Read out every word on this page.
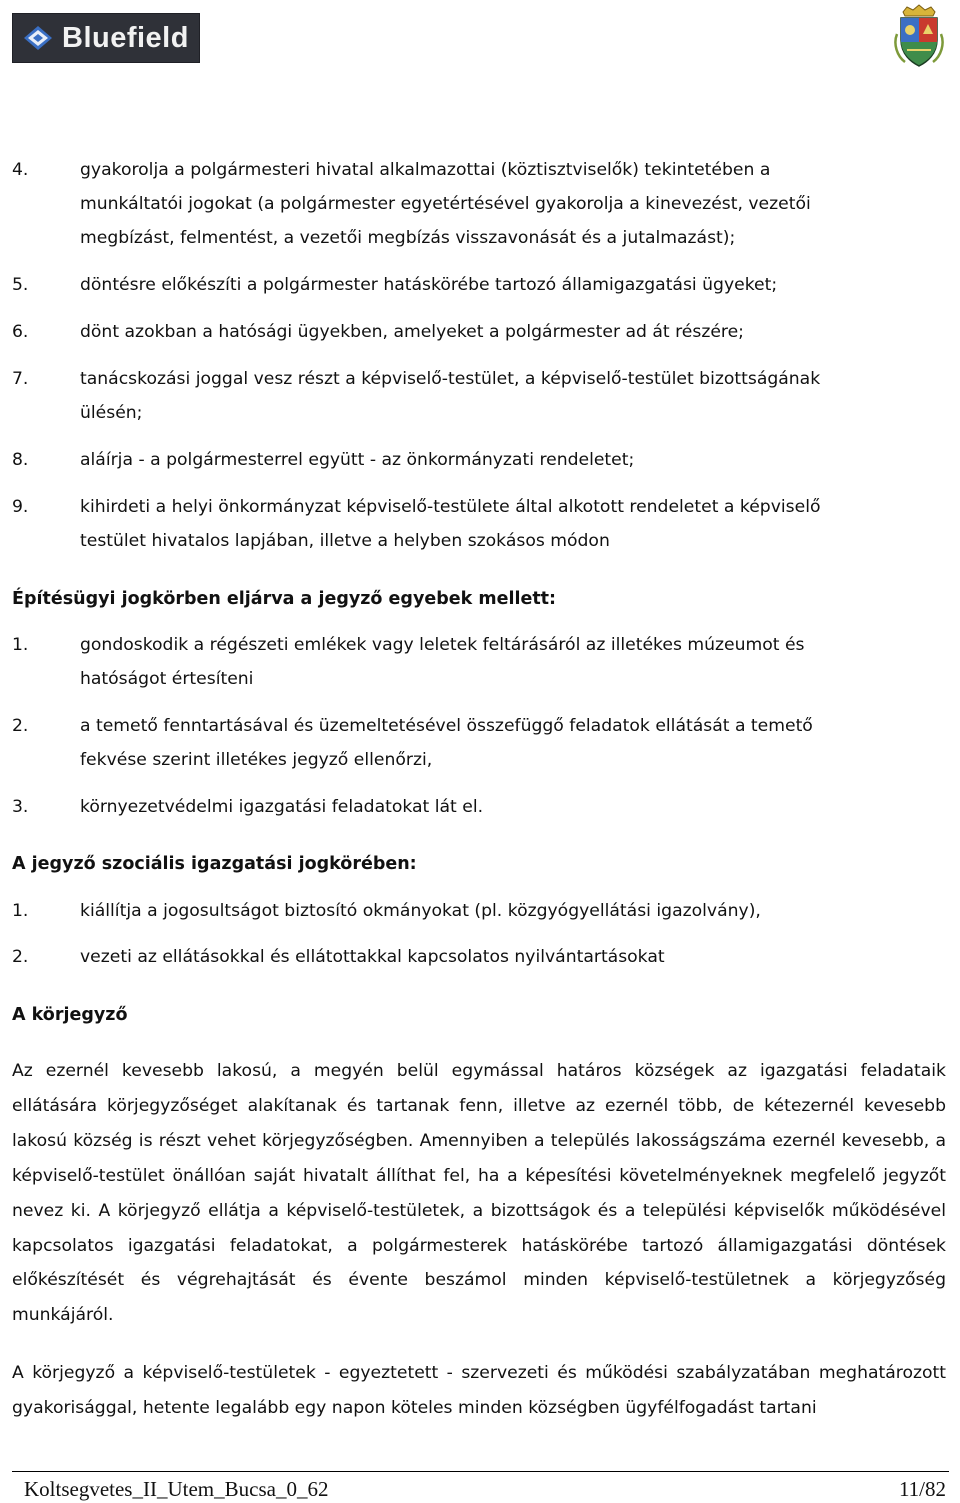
Bluefield
4.	gyakorolja a polgármesteri hivatal alkalmazottai (köztisztviselők) tekintetében a
munkáltatói jogokat (a polgármester egyetértésével gyakorolja a kinevezést, vezetői
megbízást, felmentést, a vezetői megbízás visszavonását és a jutalmazást);
5.	döntésre előkészíti a polgármester hatáskörébe tartozó államigazgatási ügyeket;
6.	dönt azokban a hatósági ügyekben, amelyeket a polgármester ad át részére;
7.	tanácskozási joggal vesz részt a képviselő-testület, a képviselő-testület bizottságának
ülésén;
8.	aláírja - a polgármesterrel együtt - az önkormányzati rendeletet;
9.	kihirdeti a helyi önkormányzat képviselő-testülete által alkotott rendeletet a képviselő
testület hivatalos lapjában, illetve a helyben szokásos módon
Építésügyi jogkörben eljárva a jegyző egyebek mellett:
1.	gondoskodik a régészeti emlékek vagy leletek feltárásáról az illetékes múzeumot és
hatóságot értesíteni
2.	a temető fenntartásával és üzemeltetésével összefüggő feladatok ellátását a temető
fekvése szerint illetékes jegyző ellenőrzi,
3.	környezetvédelmi igazgatási feladatokat lát el.
A jegyző szociális igazgatási jogkörében:
1.	kiállítja a jogosultságot biztosító okmányokat (pl. közgyógyellátási igazolvány),
2.	vezeti az ellátásokkal és ellátottakkal kapcsolatos nyilvántartásokat
A körjegyző
Az ezernél kevesebb lakosú, a megyén belül egymással határos községek az igazgatási feladataik ellátására körjegyzőséget alakítanak és tartanak fenn, illetve az ezernél több, de kétezernél kevesebb lakosú község is részt vehet körjegyzőségben. Amennyiben a település lakosságszáma ezernél kevesebb, a képviselő-testület önállóan saját hivatalt állíthat fel, ha a képesítési követelményeknek megfelelő jegyzőt nevez ki. A körjegyző ellátja a képviselő-testületek, a bizottságok és a települési képviselők működésével kapcsolatos igazgatási feladatokat, a polgármesterek hatáskörébe tartozó államigazgatási döntések előkészítését és végrehajtását és évente beszámol minden képviselő-testületnek a körjegyzőség munkájáról.
A körjegyző a képviselő-testületek - egyeztetett - szervezeti és működési szabályzatában meghatározott gyakorisággal, hetente legalább egy napon köteles minden községben ügyfélfogadást tartani
Koltsegvetes_II_Utem_Bucsa_0_62	11/82
